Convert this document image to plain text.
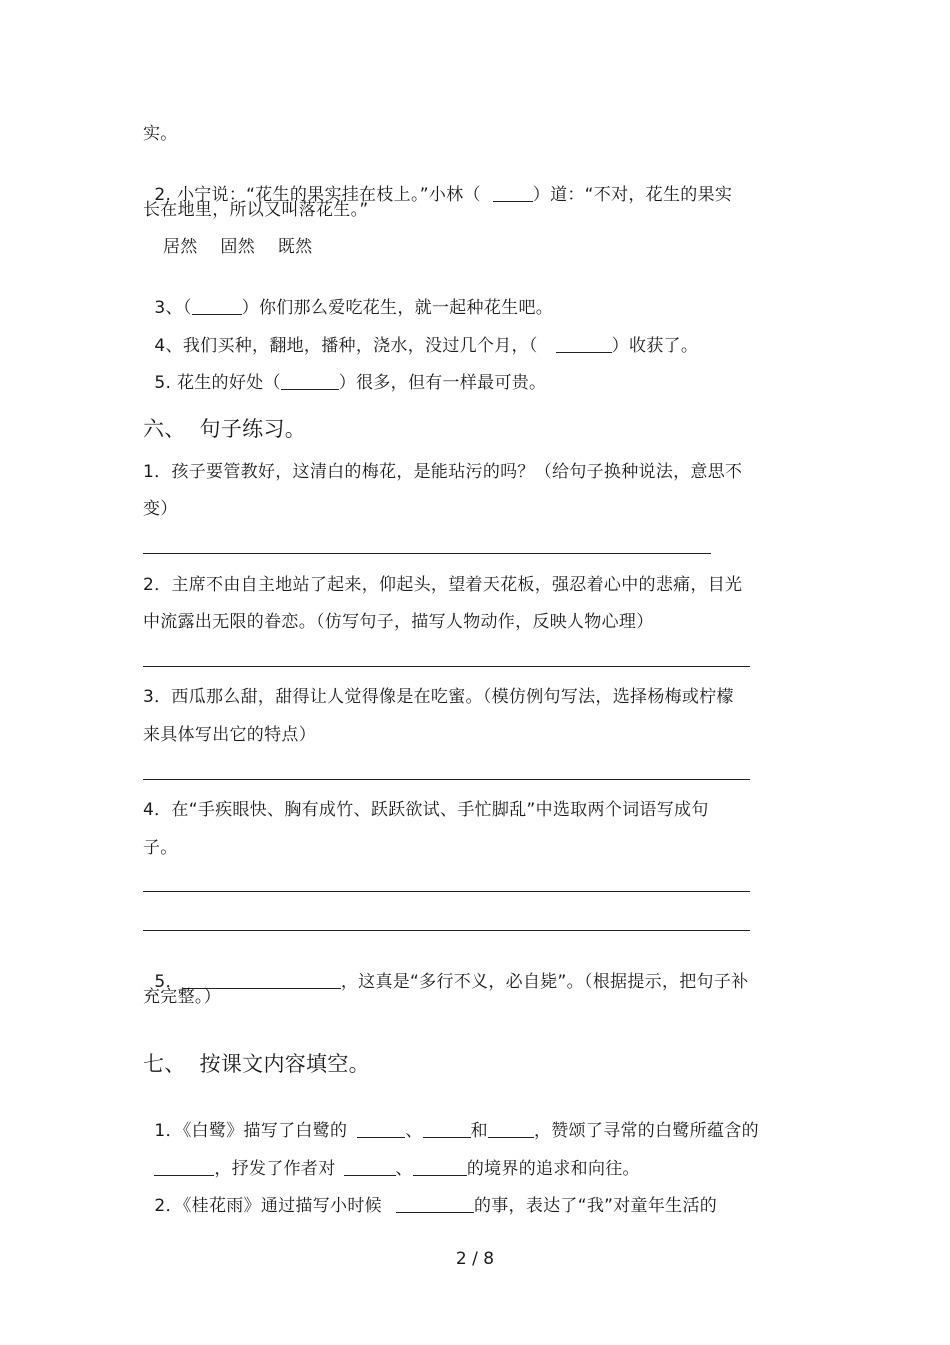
实。

2. 小宁说：“花生的果实挂在枝上。”小林（	）道：“不对，花生的果实

长在地里，所以又叫落花生。”
居然    固然    既然

3、（	）你们那么爱吃花生，就一起种花生吧。

4、我们买种，翻地，播种，浇水，没过几个月，（	）收获了。

5. 花生的好处（	）很多，但有一样最可贵。

六、  句子练习。
1．孩子要管教好，这清白的梅花，是能玷污的吗？（给句子换种说法，意思不
变）
2．主席不由自主地站了起来，仰起头，望着天花板，强忍着心中的悲痛，目光
中流露出无限的眷恋。（仿写句子，描写人物动作，反映人物心理）
3．西瓜那么甜，甜得让人觉得像是在吃蜜。（模仿例句写法，选择杨梅或柠檬
来具体写出它的特点）
4．在“手疾眼快、胸有成竹、跃跃欲试、手忙脚乱”中选取两个词语写成句
子。

5．	，这真是“多行不义，必自毙”。（根据提示，把句子补

充完整。）
七、  按课文内容填空。

1．《白鹭》描写了白鹭的	、	和	，赞颂了寻常的白鹭所蕴含的

，抒发了作者对	、	的境界的追求和向往。

2．《桂花雨》通过描写小时候	的事，表达了“我”对童年生活的

2 / 8
